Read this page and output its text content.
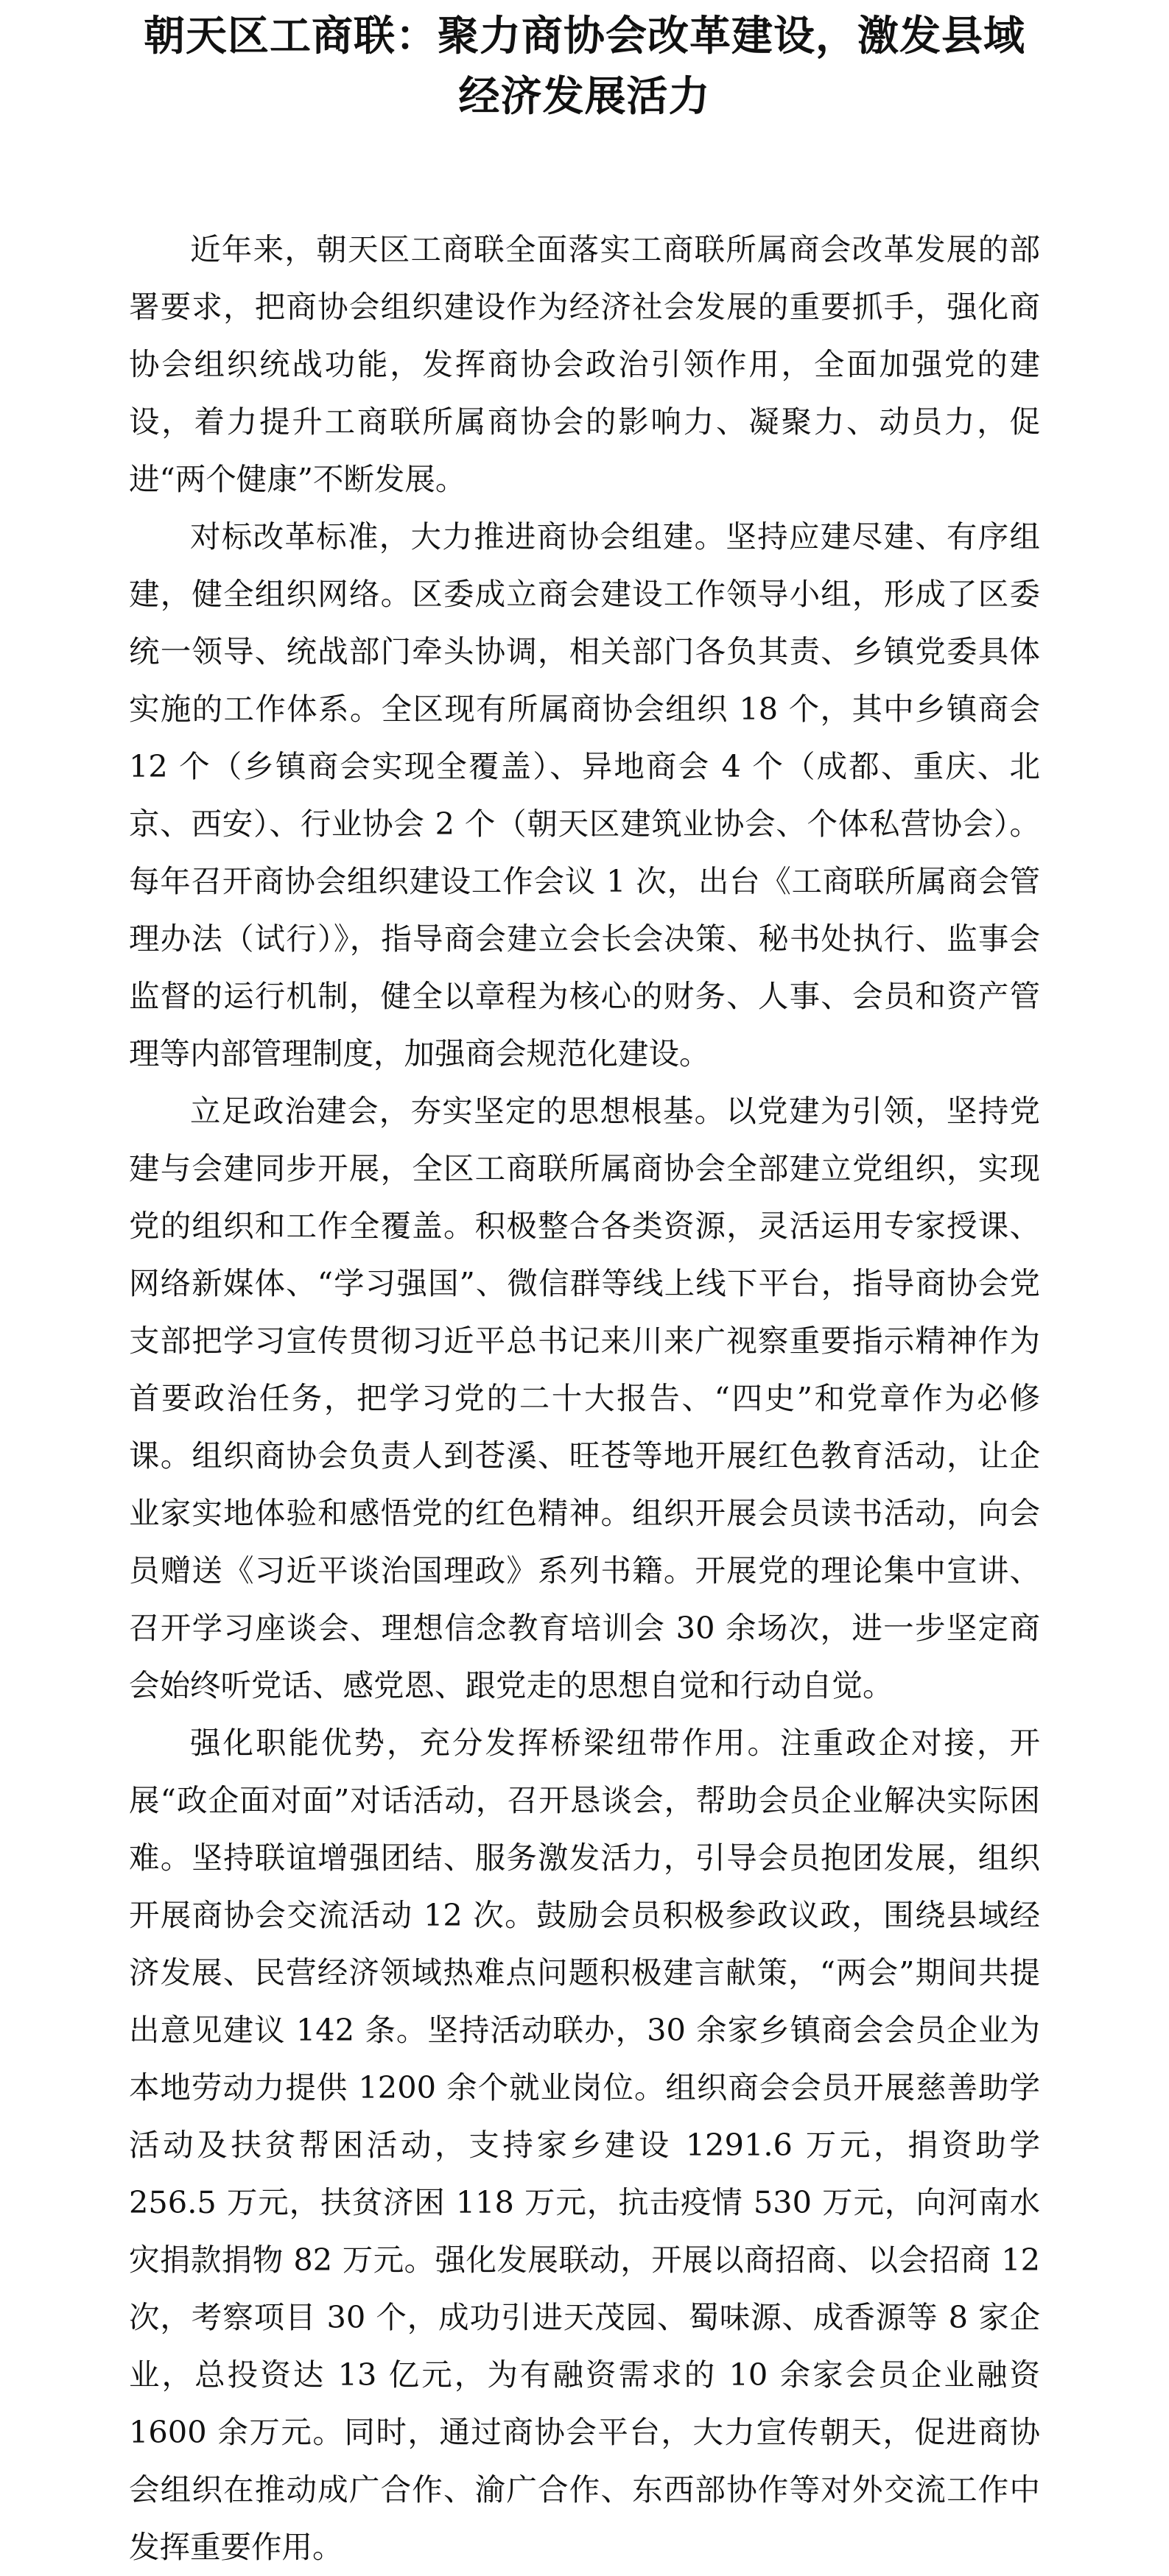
朝天区工商联：聚力商协会改革建设，激发县域经济发展活力

近年来，朝天区工商联全面落实工商联所属商会改革发展的部署要求，把商协会组织建设作为经济社会发展的重要抓手，强化商协会组织统战功能，发挥商协会政治引领作用，全面加强党的建设，着力提升工商联所属商协会的影响力、凝聚力、动员力，促进“两个健康”不断发展。

对标改革标准，大力推进商协会组建。坚持应建尽建、有序组建，健全组织网络。区委成立商会建设工作领导小组，形成了区委统一领导、统战部门牵头协调，相关部门各负其责、乡镇党委具体实施的工作体系。全区现有所属商协会组织 18 个，其中乡镇商会 12 个（乡镇商会实现全覆盖）、异地商会 4 个（成都、重庆、北京、西安）、行业协会 2 个（朝天区建筑业协会、个体私营协会）。每年召开商协会组织建设工作会议 1 次，出台《工商联所属商会管理办法（试行）》，指导商会建立会长会决策、秘书处执行、监事会监督的运行机制，健全以章程为核心的财务、人事、会员和资产管理等内部管理制度，加强商会规范化建设。

立足政治建会，夯实坚定的思想根基。以党建为引领，坚持党建与会建同步开展，全区工商联所属商协会全部建立党组织，实现党的组织和工作全覆盖。积极整合各类资源，灵活运用专家授课、网络新媒体、“学习强国”、微信群等线上线下平台，指导商协会党支部把学习宣传贯彻习近平总书记来川来广视察重要指示精神作为首要政治任务，把学习党的二十大报告、“四史”和党章作为必修课。组织商协会负责人到苍溪、旺苍等地开展红色教育活动，让企业家实地体验和感悟党的红色精神。组织开展会员读书活动，向会员赠送《习近平谈治国理政》系列书籍。开展党的理论集中宣讲、召开学习座谈会、理想信念教育培训会 30 余场次，进一步坚定商会始终听党话、感党恩、跟党走的思想自觉和行动自觉。

强化职能优势，充分发挥桥梁纽带作用。注重政企对接，开展“政企面对面”对话活动，召开恳谈会，帮助会员企业解决实际困难。坚持联谊增强团结、服务激发活力，引导会员抱团发展，组织开展商协会交流活动 12 次。鼓励会员积极参政议政，围绕县域经济发展、民营经济领域热难点问题积极建言献策，“两会”期间共提出意见建议 142 条。坚持活动联办，30 余家乡镇商会会员企业为本地劳动力提供 1200 余个就业岗位。组织商会会员开展慈善助学活动及扶贫帮困活动，支持家乡建设 1291.6 万元，捐资助学 256.5 万元，扶贫济困 118 万元，抗击疫情 530 万元，向河南水灾捐款捐物 82 万元。强化发展联动，开展以商招商、以会招商 12 次，考察项目 30 个，成功引进天茂园、蜀味源、成香源等 8 家企业，总投资达 13 亿元，为有融资需求的 10 余家会员企业融资 1600 余万元。同时，通过商协会平台，大力宣传朝天，促进商协会组织在推动成广合作、渝广合作、东西部协作等对外交流工作中发挥重要作用。
